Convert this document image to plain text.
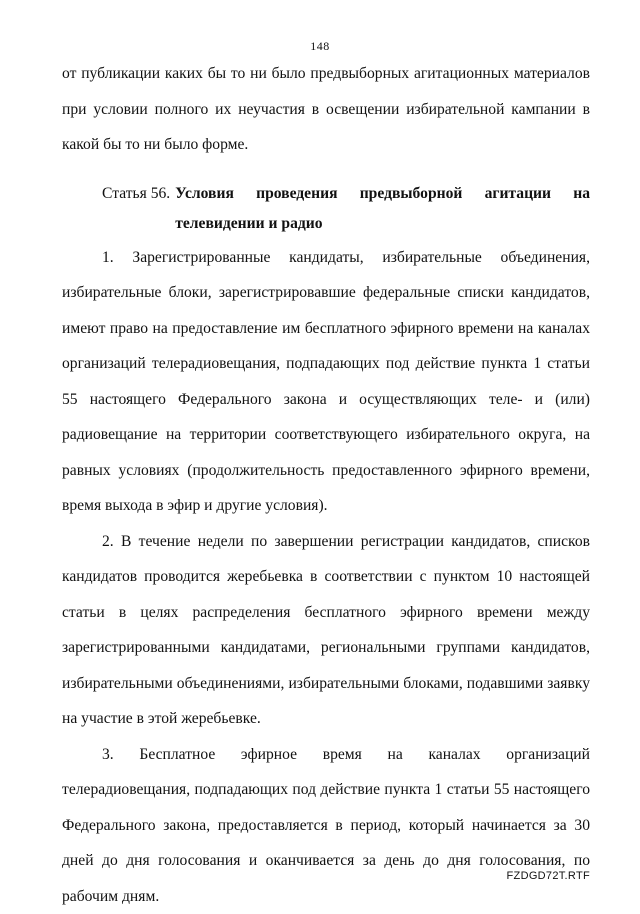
148

от публикации каких бы то ни было предвыборных агитационных материалов при условии полного их неучастия в освещении избирательной кампании в какой бы то ни было форме.

Статья 56. Условия проведения предвыборной агитации на телевидении и радио

1. Зарегистрированные кандидаты, избирательные объединения, избирательные блоки, зарегистрировавшие федеральные списки кандидатов, имеют право на предоставление им бесплатного эфирного времени на каналах организаций телерадиовещания, подпадающих под действие пункта 1 статьи 55 настоящего Федерального закона и осуществляющих теле- и (или) радиовещание на территории соответствующего избирательного округа, на равных условиях (продолжительность предоставленного эфирного времени, время выхода в эфир и другие условия).

2. В течение недели по завершении регистрации кандидатов, списков кандидатов проводится жеребьевка в соответствии с пунктом 10 настоящей статьи в целях распределения бесплатного эфирного времени между зарегистрированными кандидатами, региональными группами кандидатов, избирательными объединениями, избирательными блоками, подавшими заявку на участие в этой жеребьевке.

3. Бесплатное эфирное время на каналах организаций телерадиовещания, подпадающих под действие пункта 1 статьи 55 настоящего Федерального закона, предоставляется в период, который начинается за 30 дней до дня голосования и оканчивается за день до дня голосования, по рабочим дням.

FZDGD72T.RTF
